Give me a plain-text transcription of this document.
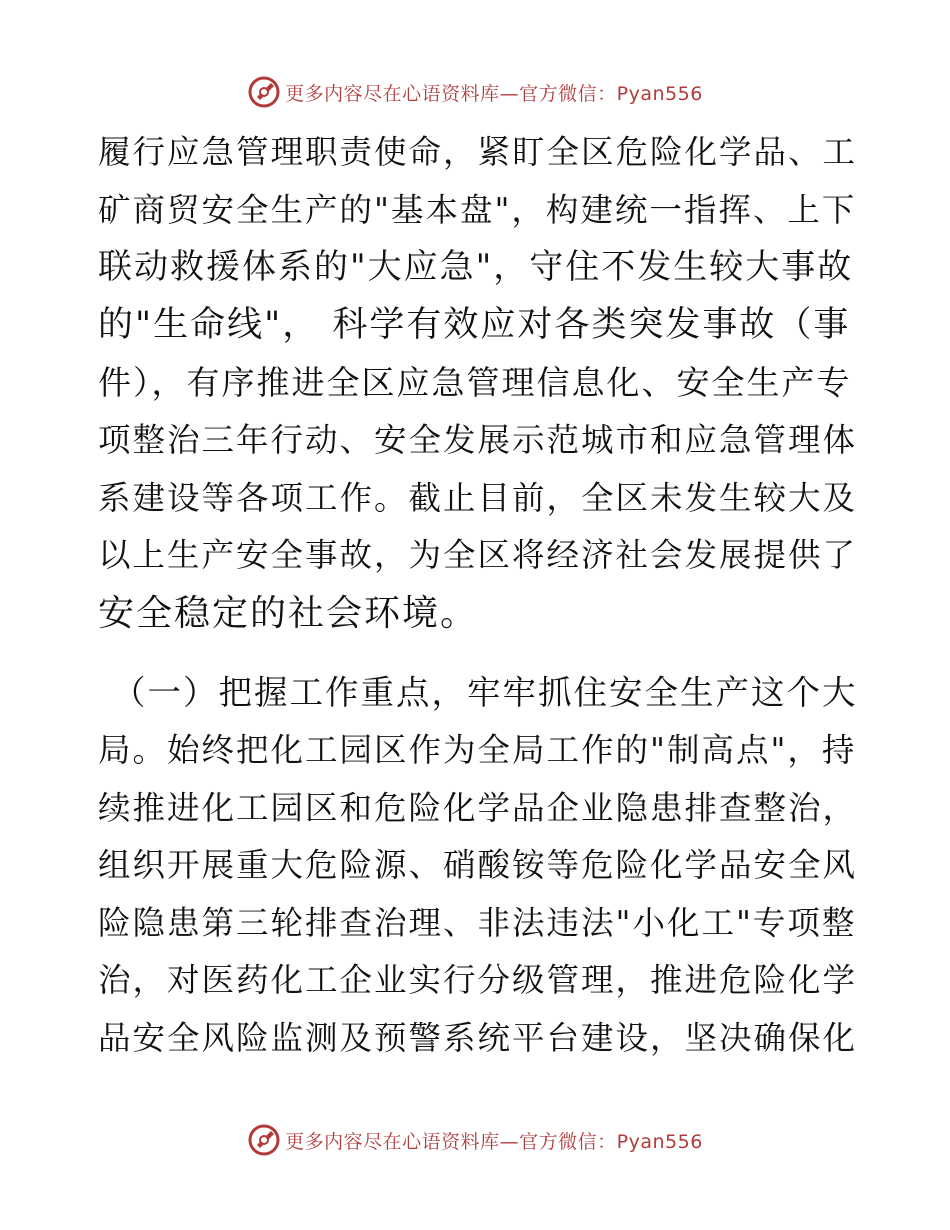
更多内容尽在心语资料库—官方微信：Pyan556
履行应急管理职责使命，紧盯全区危险化学品、工
矿商贸安全生产的"基本盘"，构建统一指挥、上下
联动救援体系的"大应急"，守住不发生较大事故
的"生命线"， 科学有效应对各类突发事故（事
件），有序推进全区应急管理信息化、安全生产专
项整治三年行动、安全发展示范城市和应急管理体
系建设等各项工作。截止目前，全区未发生较大及
以上生产安全事故，为全区将经济社会发展提供了
安全稳定的社会环境。
（一）把握工作重点，牢牢抓住安全生产这个大
局。始终把化工园区作为全局工作的"制高点"，持
续推进化工园区和危险化学品企业隐患排查整治，
组织开展重大危险源、硝酸铵等危险化学品安全风
险隐患第三轮排查治理、非法违法"小化工"专项整
治，对医药化工企业实行分级管理，推进危险化学
品安全风险监测及预警系统平台建设，坚决确保化
更多内容尽在心语资料库—官方微信：Pyan556
